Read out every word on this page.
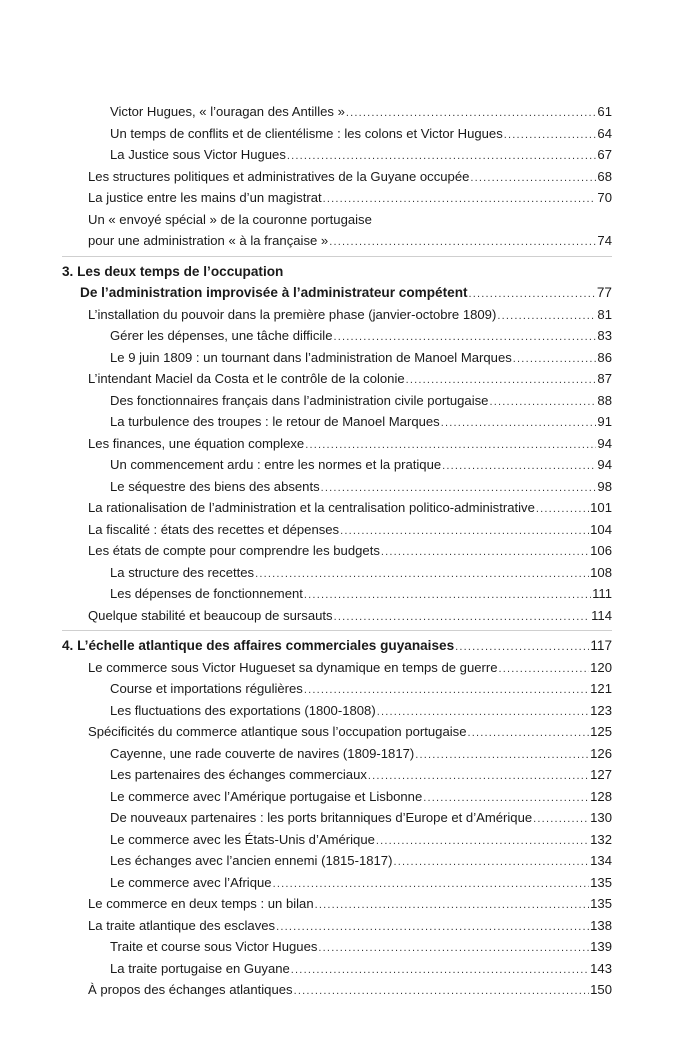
Victor Hugues, « l’ouragan des Antilles » .....	61
Un temps de conflits et de clientélisme : les colons et Victor Hugues .....	64
La Justice sous Victor Hugues .....	67
Les structures politiques et administratives de la Guyane occupée .....	68
La justice entre les mains d’un magistrat .....	70
Un « envoyé spécial » de la couronne portugaise
pour une administration « à la française » .....	74
3. Les deux temps de l’occupation
De l’administration improvisée à l’administrateur compétent .....	77
L’installation du pouvoir dans la première phase (janvier-octobre 1809) .....	81
Gérer les dépenses, une tâche difficile .....	83
Le 9 juin 1809 : un tournant dans l’administration de Manoel Marques .....	86
L’intendant Maciel da Costa et le contrôle de la colonie .....	87
Des fonctionnaires français dans l’administration civile portugaise .....	88
La turbulence des troupes : le retour de Manoel Marques .....	91
Les finances, une équation complexe .....	94
Un commencement ardu : entre les normes et la pratique .....	94
Le séquestre des biens des absents .....	98
La rationalisation de l’administration et la centralisation politico-administrative .....	101
La fiscalité : états des recettes et dépenses .....	104
Les états de compte pour comprendre les budgets .....	106
La structure des recettes .....	108
Les dépenses de fonctionnement .....	111
Quelque stabilité et beaucoup de sursauts .....	114
4. L’échelle atlantique des affaires commerciales guyanaises .....	117
Le commerce sous Victor Hugueset sa dynamique en temps de guerre .....	120
Course et importations régulières .....	121
Les fluctuations des exportations (1800-1808) .....	123
Spécificités du commerce atlantique sous l’occupation portugaise .....	125
Cayenne, une rade couverte de navires (1809-1817) .....	126
Les partenaires des échanges commerciaux .....	127
Le commerce avec l’Amérique portugaise et Lisbonne .....	128
De nouveaux partenaires : les ports britanniques d’Europe et d’Amérique .....	130
Le commerce avec les États-Unis d’Amérique .....	132
Les échanges avec l’ancien ennemi (1815-1817) .....	134
Le commerce avec l’Afrique .....	135
Le commerce en deux temps : un bilan .....	135
La traite atlantique des esclaves .....	138
Traite et course sous Victor Hugues .....	139
La traite portugaise en Guyane .....	143
À propos des échanges atlantiques .....	150
